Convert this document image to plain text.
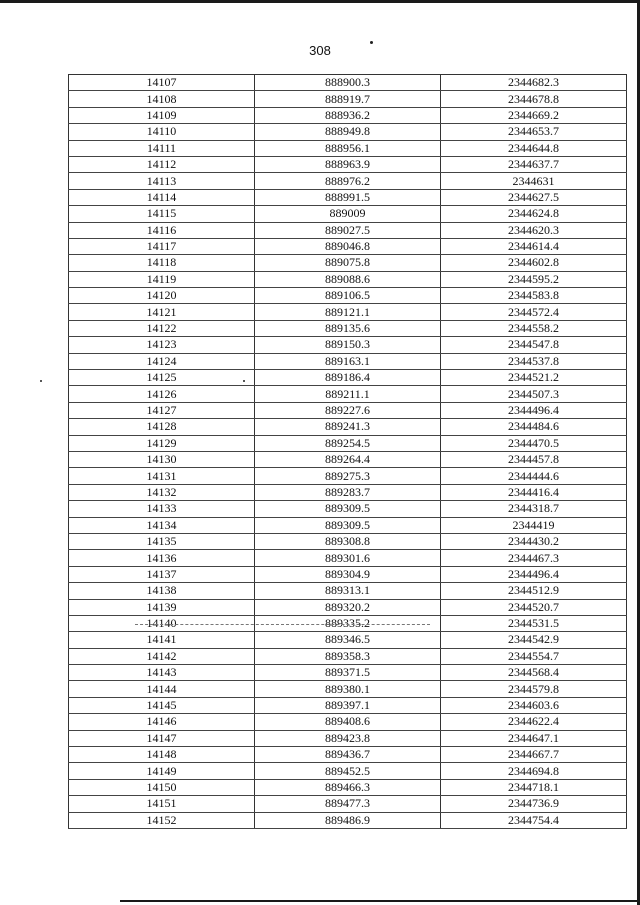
308
14107	888900.3	2344682.3
14108	888919.7	2344678.8
14109	888936.2	2344669.2
14110	888949.8	2344653.7
14111	888956.1	2344644.8
14112	888963.9	2344637.7
14113	888976.2	2344631
14114	888991.5	2344627.5
14115	889009	2344624.8
14116	889027.5	2344620.3
14117	889046.8	2344614.4
14118	889075.8	2344602.8
14119	889088.6	2344595.2
14120	889106.5	2344583.8
14121	889121.1	2344572.4
14122	889135.6	2344558.2
14123	889150.3	2344547.8
14124	889163.1	2344537.8
14125	889186.4	2344521.2
14126	889211.1	2344507.3
14127	889227.6	2344496.4
14128	889241.3	2344484.6
14129	889254.5	2344470.5
14130	889264.4	2344457.8
14131	889275.3	2344444.6
14132	889283.7	2344416.4
14133	889309.5	2344318.7
14134	889309.5	2344419
14135	889308.8	2344430.2
14136	889301.6	2344467.3
14137	889304.9	2344496.4
14138	889313.1	2344512.9
14139	889320.2	2344520.7
14140	889335.2	2344531.5
14141	889346.5	2344542.9
14142	889358.3	2344554.7
14143	889371.5	2344568.4
14144	889380.1	2344579.8
14145	889397.1	2344603.6
14146	889408.6	2344622.4
14147	889423.8	2344647.1
14148	889436.7	2344667.7
14149	889452.5	2344694.8
14150	889466.3	2344718.1
14151	889477.3	2344736.9
14152	889486.9	2344754.4
